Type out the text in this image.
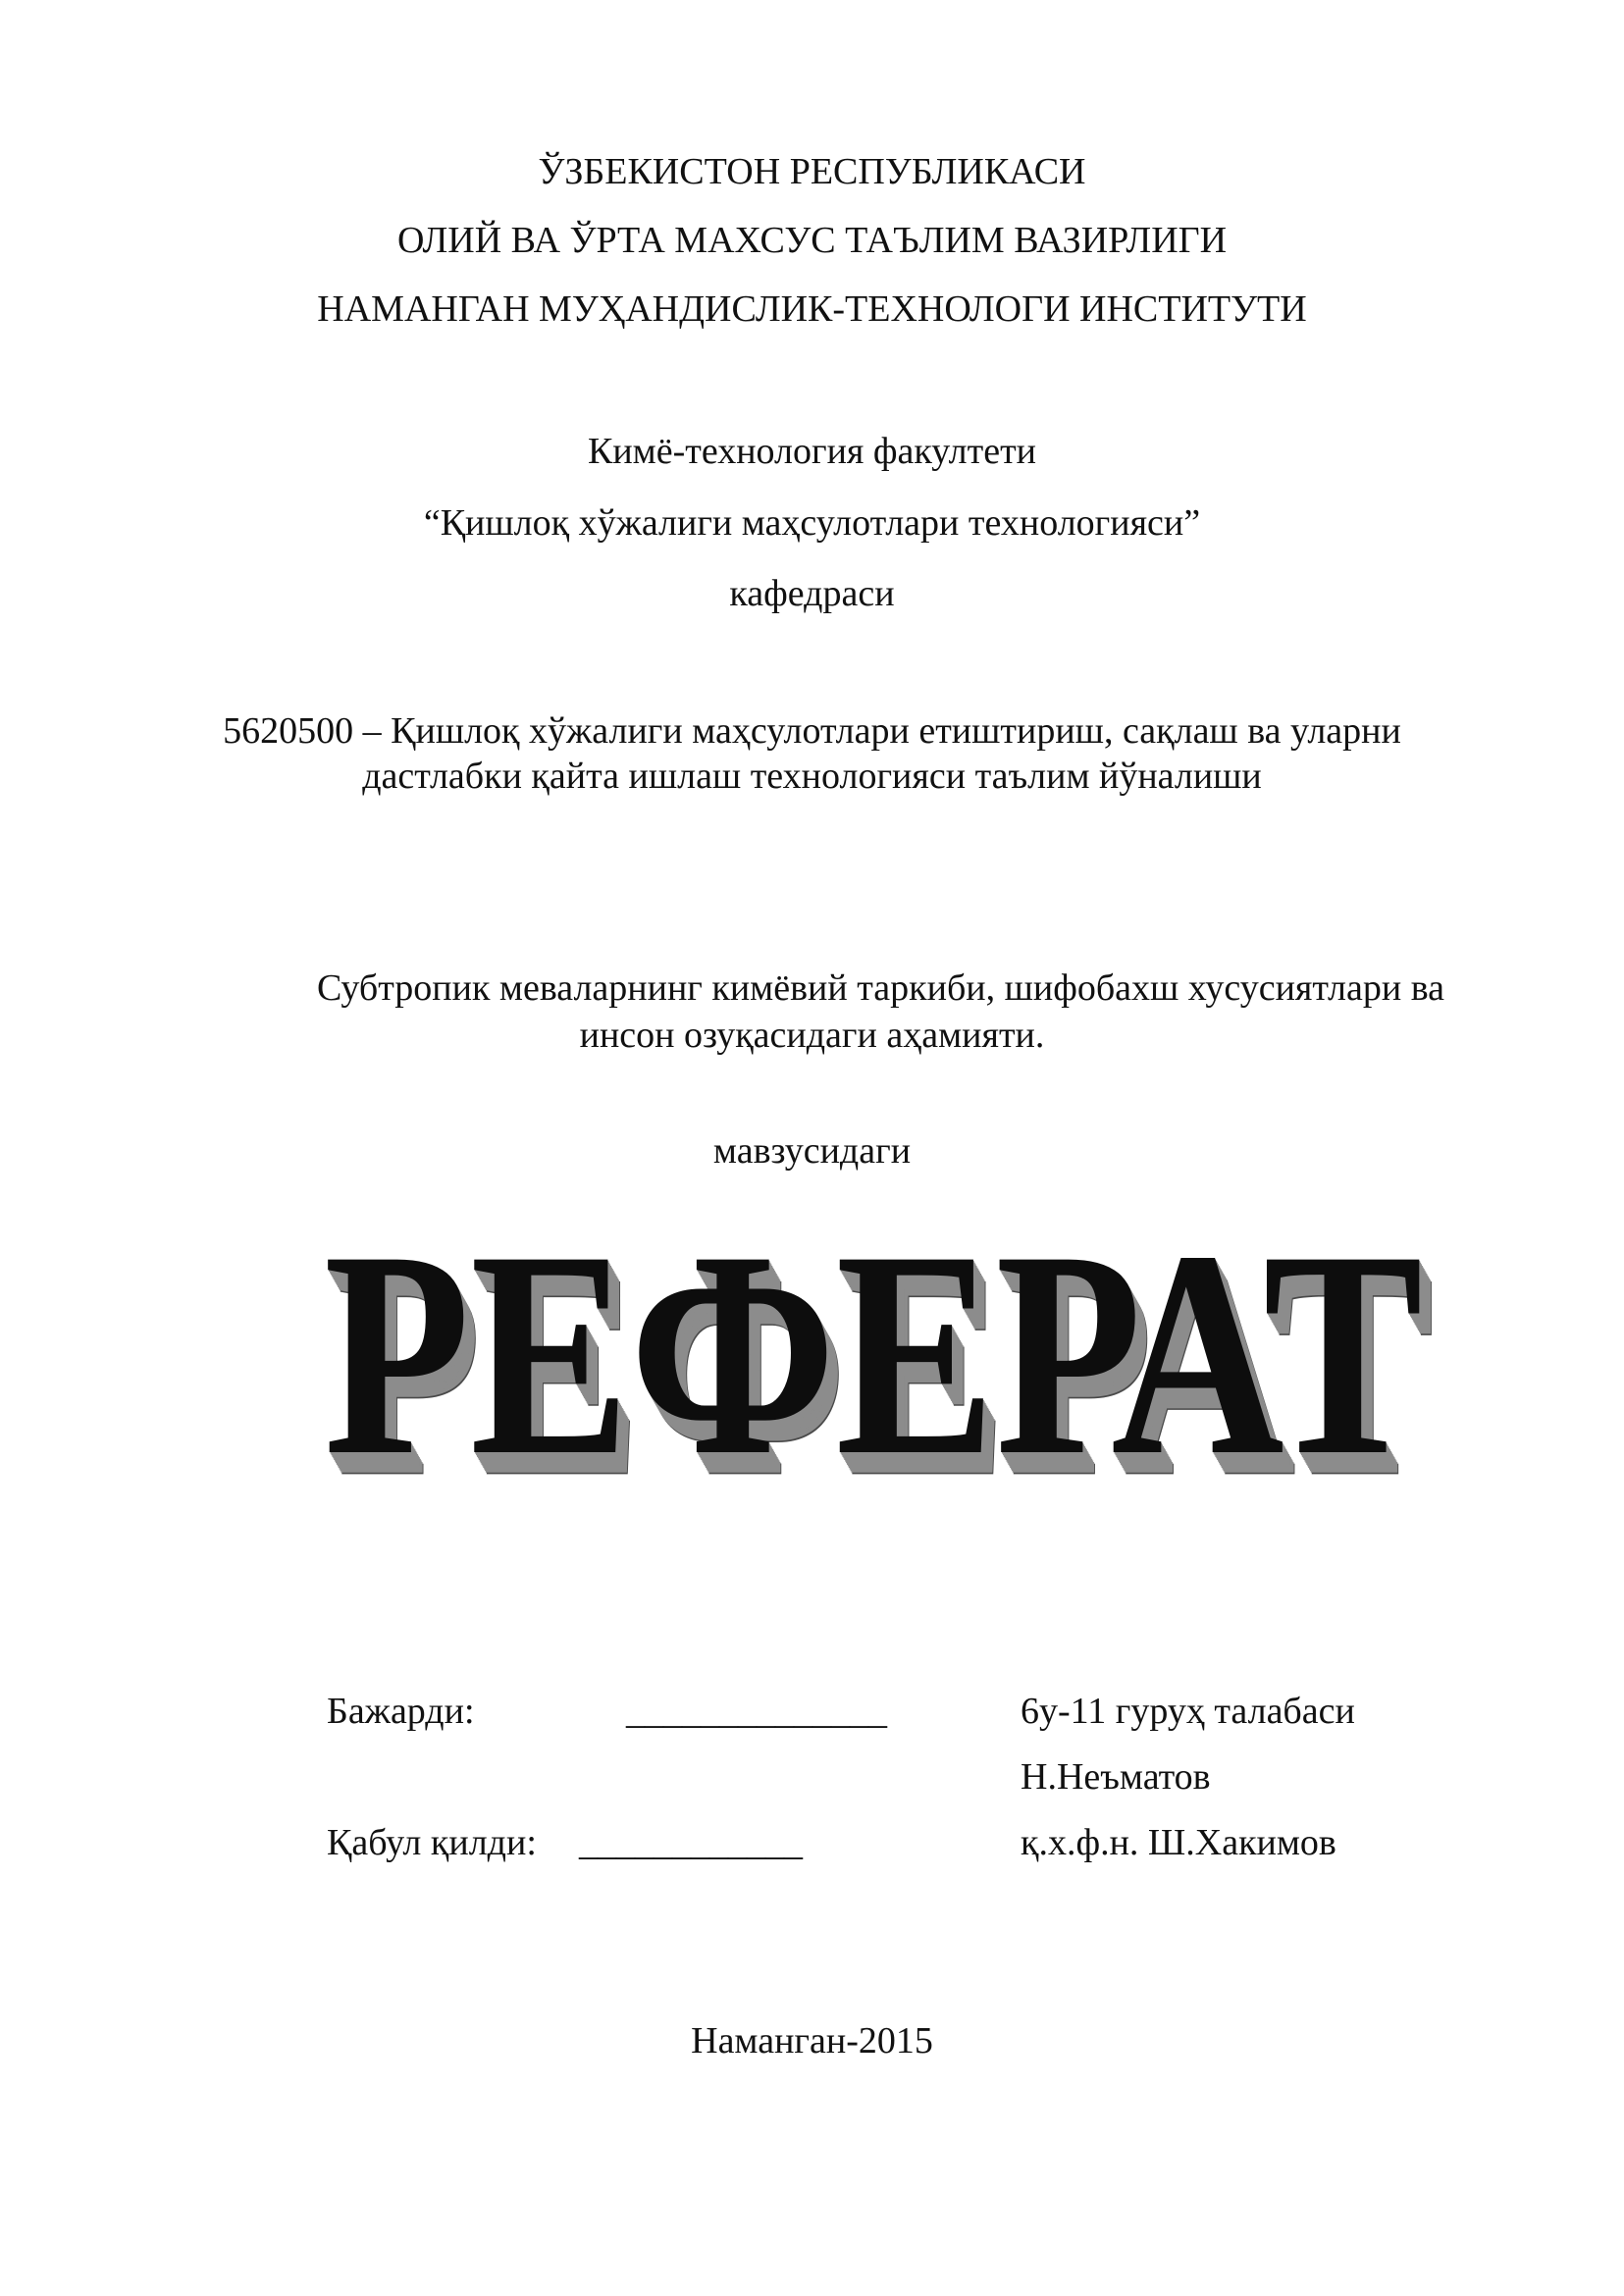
ЎЗБЕКИСТОН РЕСПУБЛИКАСИ
ОЛИЙ ВА ЎРТА МАХСУС ТАЪЛИМ ВАЗИРЛИГИ
НАМАНГАН МУҲАНДИСЛИК-ТЕХНОЛОГИ ИНСТИТУТИ
Кимё-технология факултети
“Қишлоқ хўжалиги маҳсулотлари технологияси”
кафедраси
5620500 – Қишлоқ хўжалиги маҳсулотлари етиштириш, сақлаш ва уларни
дастлабки қайта ишлаш технологияси таълим йўналиши
Субтропик меваларнинг кимёвий таркиби, шифобахш хусусиятлари ва
инсон озуқасидаги аҳамияти.
мавзусидаги
РЕФЕРАТ
РЕФЕРАТ
РЕФЕРАТ
РЕФЕРАТ
РЕФЕРАТ
РЕФЕРАТ
РЕФЕРАТ
РЕФЕРАТ
РЕФЕРАТ
РЕФЕРАТ
РЕФЕРАТ
РЕФЕРАТ
РЕФЕРАТ
РЕФЕРАТ
РЕФЕРАТ
Бажарди:	______________	6у-11 гуруҳ талабаси
Н.Неъматов
Қабул қилди: ____________	қ.х.ф.н. Ш.Хакимов
Наманган-2015
